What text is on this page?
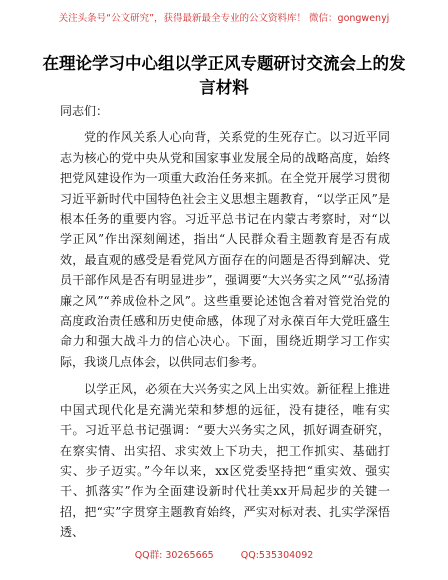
关注头条号“公文研究”，获得最新最全专业的公文资料库！ 微信：gongwenyj
在理论学习中心组以学正风专题研讨交流会上的发言材料

同志们：

党的作风关系人心向背，关系党的生死存亡。以习近平同志为核心的党中央从党和国家事业发展全局的战略高度，始终把党风建设作为一项重大政治任务来抓。在全党开展学习贯彻习近平新时代中国特色社会主义思想主题教育，“以学正风”是根本任务的重要内容。习近平总书记在内蒙古考察时，对“以学正风”作出深刻阐述，指出“人民群众看主题教育是否有成效，最直观的感受是看党风方面存在的问题是否得到解决、党员干部作风是否有明显进步”，强调要“大兴务实之风”“弘扬清廉之风”“养成俭朴之风”。这些重要论述饱含着对管党治党的高度政治责任感和历史使命感，体现了对永葆百年大党旺盛生命力和强大战斗力的信心决心。下面，围绕近期学习工作实际，我谈几点体会，以供同志们参考。

以学正风，必须在大兴务实之风上出实效。新征程上推进中国式现代化是充满光荣和梦想的远征，没有捷径，唯有实干。习近平总书记强调：“要大兴务实之风，抓好调查研究，在察实情、出实招、求实效上下功夫，把工作抓实、基础打实、步子迈实。”今年以来，xx区党委坚持把“重实效、强实干、抓落实”作为全面建设新时代壮美xx开局起步的关键一招，把“实”字贯穿主题教育始终，严实对标对表、扎实学深悟透、

QQ群: 30265665	QQ:535304092
